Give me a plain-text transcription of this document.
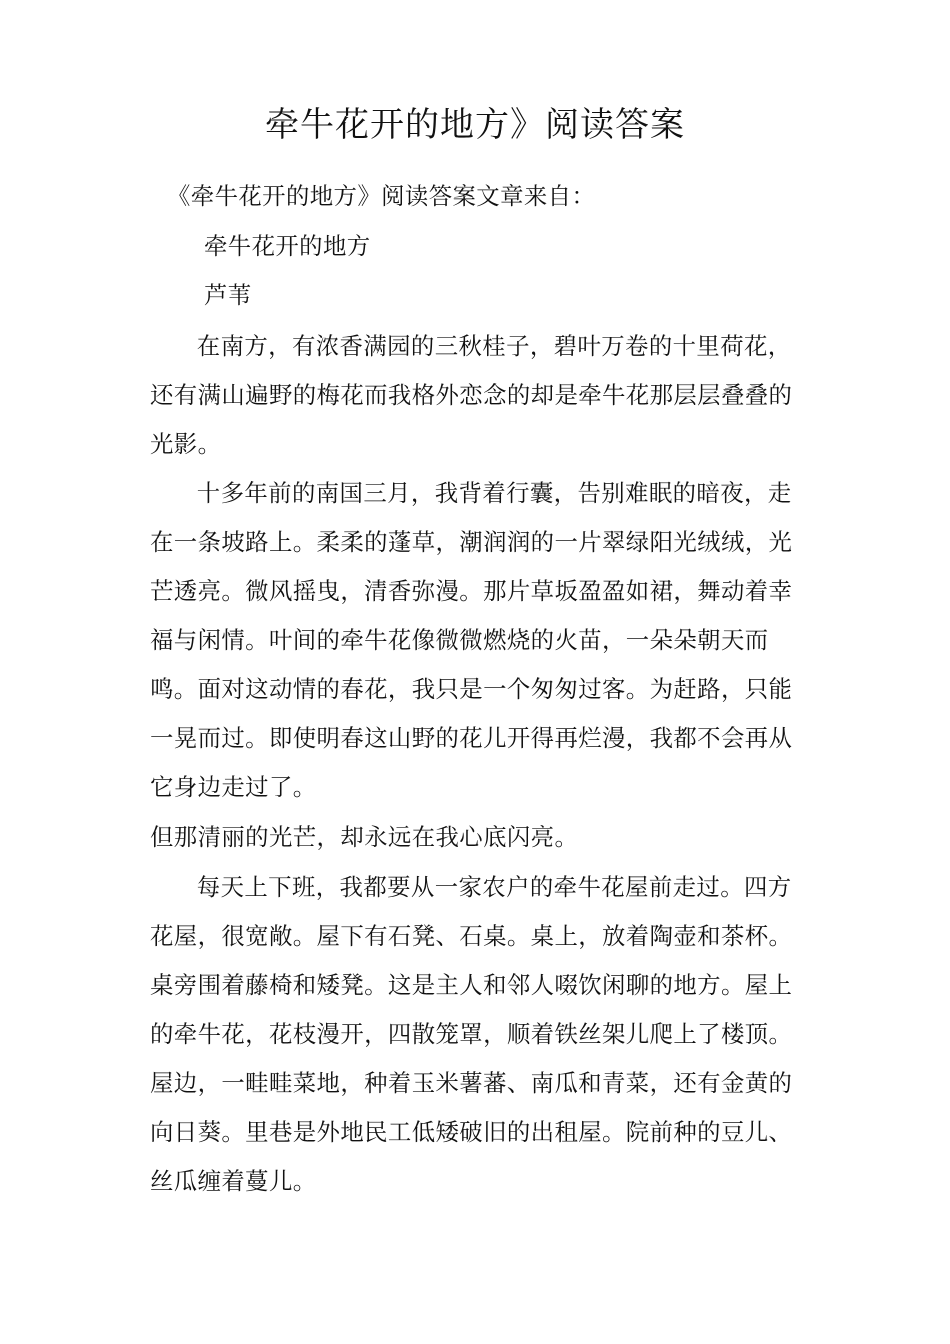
牵牛花开的地方》阅读答案
《牵牛花开的地方》阅读答案文章来自：
牵牛花开的地方
芦苇

在南方，有浓香满园的三秋桂子，碧叶万卷的十里荷花，还有满山遍野的梅花而我格外恋念的却是牵牛花那层层叠叠的光影。

十多年前的南国三月，我背着行囊，告别难眠的暗夜，走在一条坡路上。柔柔的蓬草，潮润润的一片翠绿阳光绒绒，光芒透亮。微风摇曳，清香弥漫。那片草坂盈盈如裙，舞动着幸福与闲情。叶间的牵牛花像微微燃烧的火苗，一朵朵朝天而鸣。面对这动情的春花，我只是一个匆匆过客。为赶路，只能一晃而过。即使明春这山野的花儿开得再烂漫，我都不会再从它身边走过了。

但那清丽的光芒，却永远在我心底闪亮。

每天上下班，我都要从一家农户的牵牛花屋前走过。四方花屋，很宽敞。屋下有石凳、石桌。桌上，放着陶壶和茶杯。桌旁围着藤椅和矮凳。这是主人和邻人啜饮闲聊的地方。屋上的牵牛花，花枝漫开，四散笼罩，顺着铁丝架儿爬上了楼顶。屋边，一畦畦菜地，种着玉米薯蕃、南瓜和青菜，还有金黄的向日葵。里巷是外地民工低矮破旧的出租屋。院前种的豆儿、丝瓜缠着蔓儿。
